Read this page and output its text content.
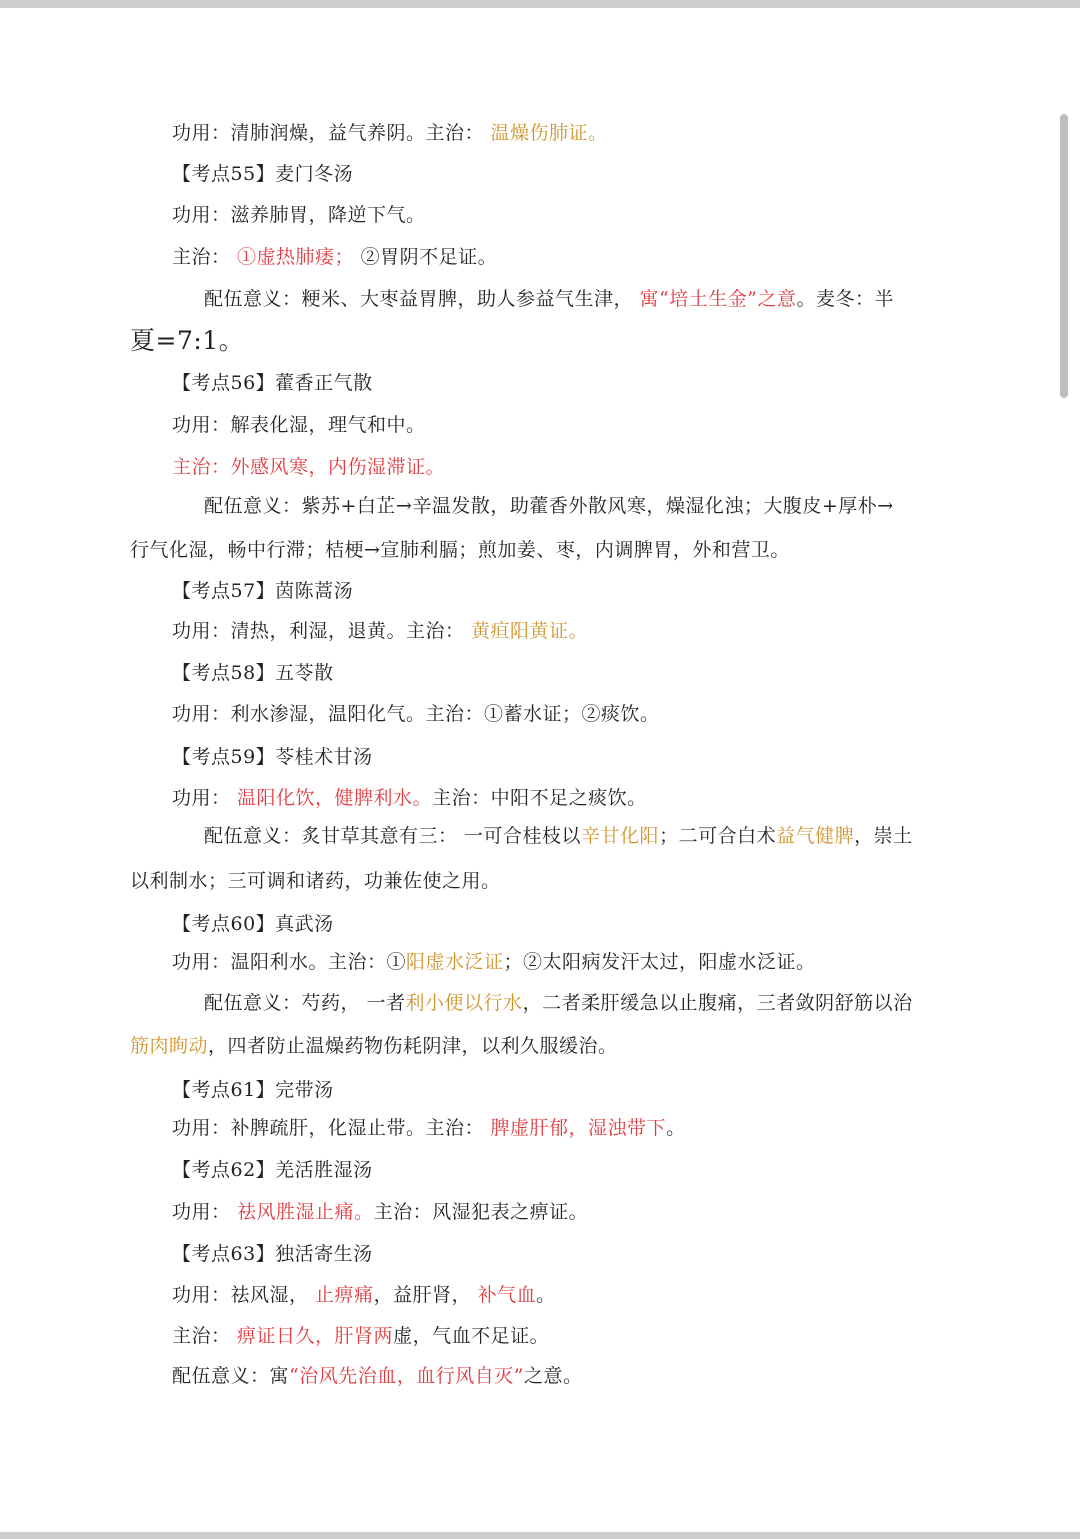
功用：清肺润燥，益气养阴。主治： 温燥伤肺证。
【考点55】麦门冬汤
功用：滋养肺胃，降逆下气。
主治： ①虚热肺痿； ②胃阴不足证。
配伍意义：粳米、大枣益胃脾，助人参益气生津， 寓“培土生金”之意。麦冬：半
夏=7:1。
【考点56】藿香正气散
功用：解表化湿，理气和中。
主治：外感风寒，内伤湿滞证。
配伍意义：紫苏+白芷→辛温发散，助藿香外散风寒，燥湿化浊；大腹皮+厚朴→
行气化湿，畅中行滞；桔梗→宣肺利膈；煎加姜、枣，内调脾胃，外和营卫。
【考点57】茵陈蒿汤
功用：清热，利湿，退黄。主治： 黄疸阳黄证。
【考点58】五苓散
功用：利水渗湿，温阳化气。主治：①蓄水证；②痰饮。
【考点59】苓桂术甘汤
功用： 温阳化饮，健脾利水。主治：中阳不足之痰饮。
配伍意义：炙甘草其意有三： 一可合桂枝以辛甘化阳；二可合白术益气健脾，崇土
以利制水；三可调和诸药，功兼佐使之用。
【考点60】真武汤
功用：温阳利水。主治：①阳虚水泛证；②太阳病发汗太过，阳虚水泛证。
配伍意义：芍药， 一者利小便以行水，二者柔肝缓急以止腹痛，三者敛阴舒筋以治
筋肉眴动，四者防止温燥药物伤耗阴津，以利久服缓治。
【考点61】完带汤
功用：补脾疏肝，化湿止带。主治： 脾虚肝郁，湿浊带下。
【考点62】羌活胜湿汤
功用： 祛风胜湿止痛。主治：风湿犯表之痹证。
【考点63】独活寄生汤
功用：祛风湿， 止痹痛，益肝肾， 补气血。
主治： 痹证日久，肝肾两虚，气血不足证。
配伍意义：寓“治风先治血，血行风自灭”之意。
